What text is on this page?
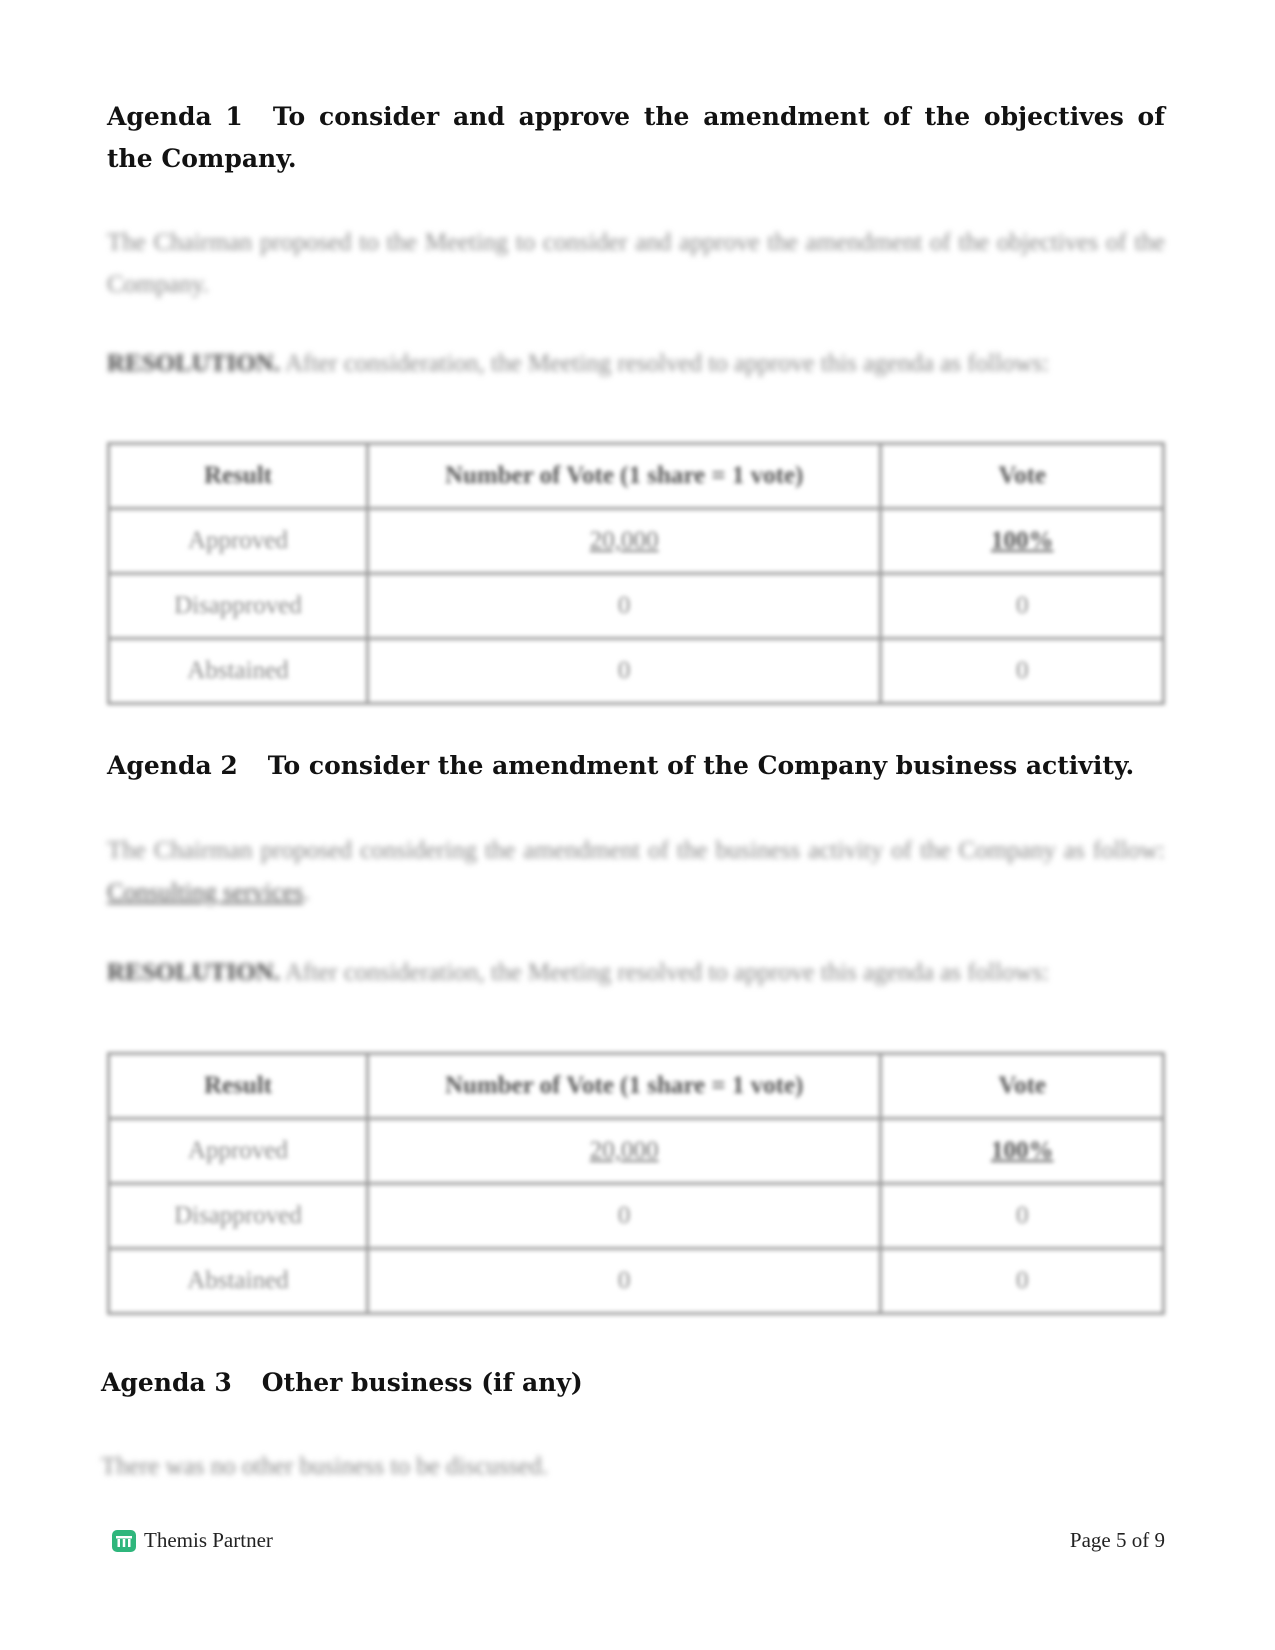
Agenda 1 To consider and approve the amendment of the objectives of the Company.
The Chairman proposed to the Meeting to consider and approve the amendment of the objectives of the Company.
RESOLUTION. After consideration, the Meeting resolved to approve this agenda as follows:
Result	Number of Vote (1 share = 1 vote)	Vote
Approved	20,000	100%
Disapproved	0	0
Abstained	0	0
Agenda 2 To consider the amendment of the Company business activity.
The Chairman proposed considering the amendment of the business activity of the Company as follow: Consulting services.
RESOLUTION. After consideration, the Meeting resolved to approve this agenda as follows:
Result	Number of Vote (1 share = 1 vote)	Vote
Approved	20,000	100%
Disapproved	0	0
Abstained	0	0
Agenda 3 Other business (if any)
There was no other business to be discussed.
Themis Partner	Page 5 of 9
